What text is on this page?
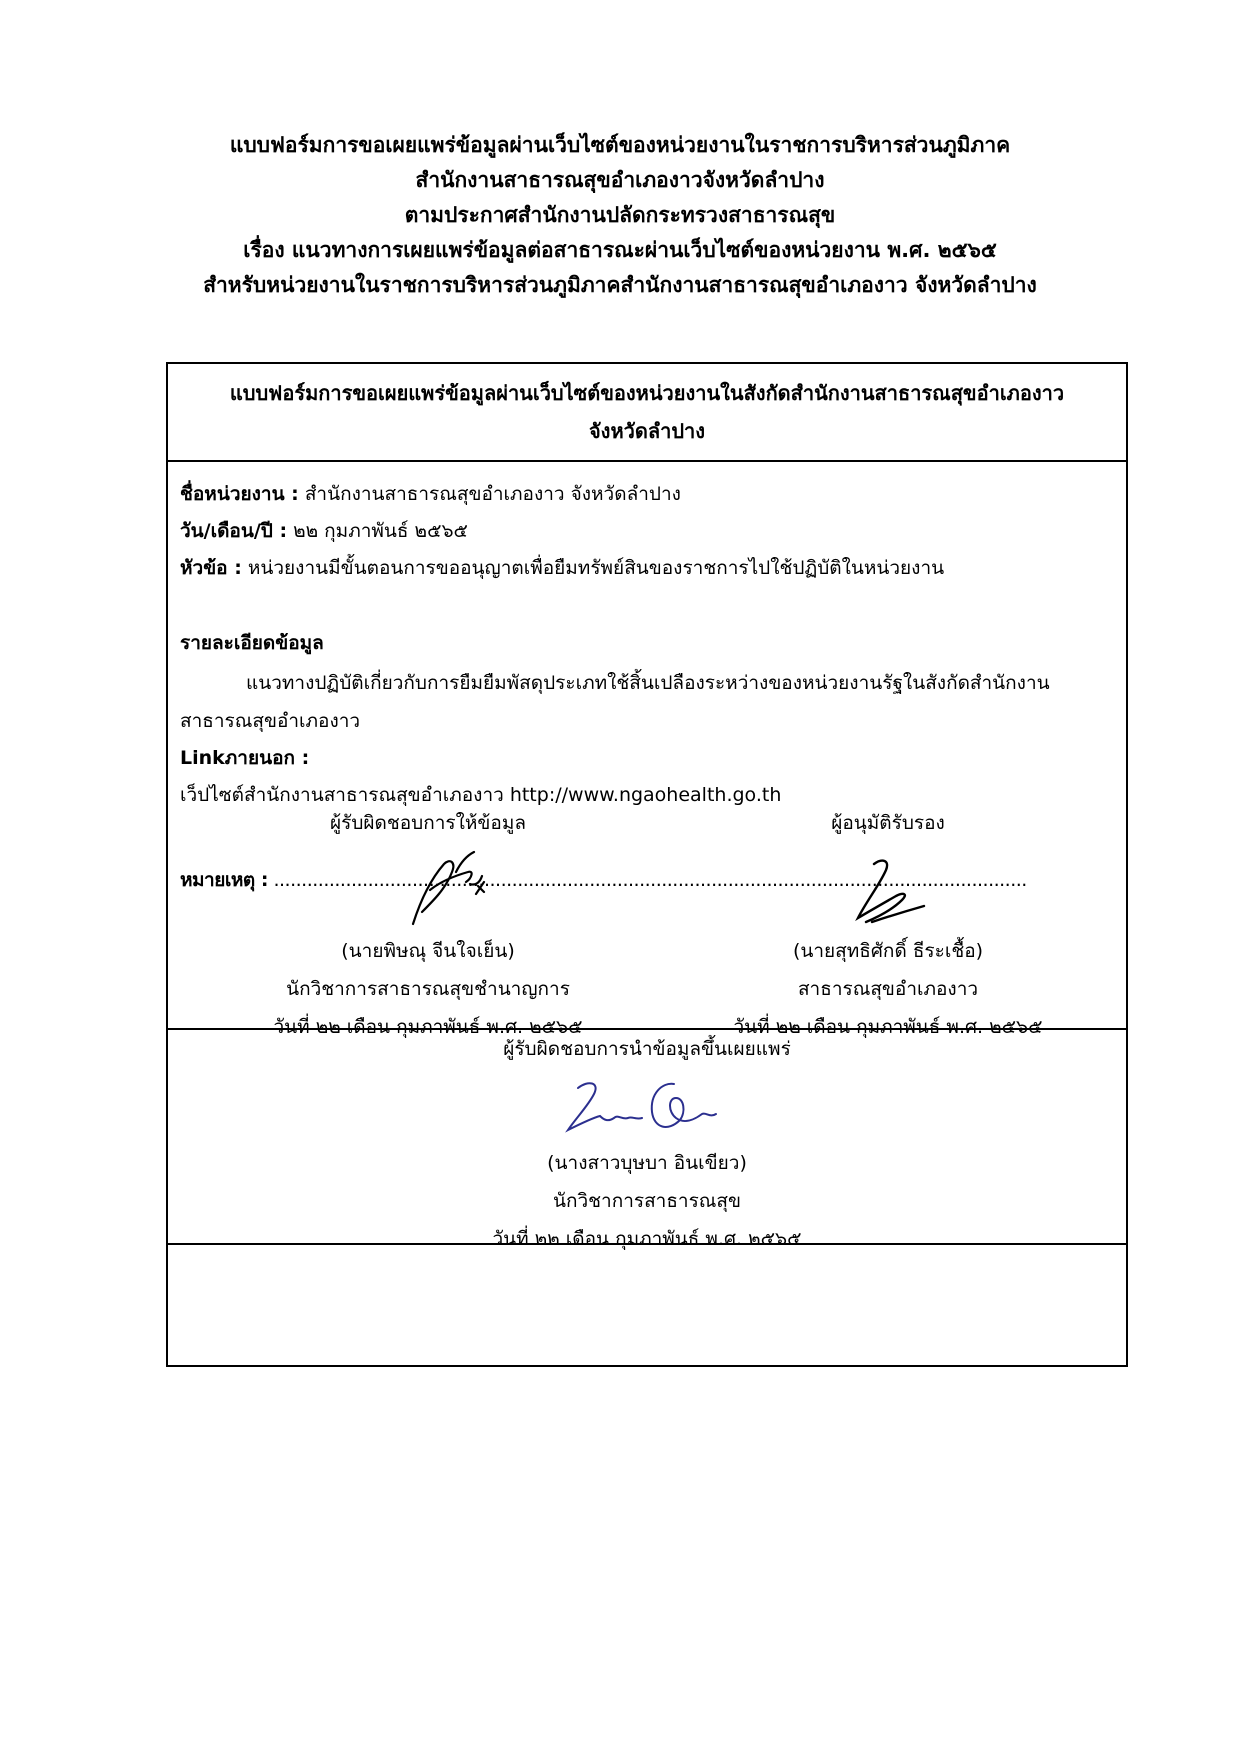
แบบฟอร์มการขอเผยแพร่ข้อมูลผ่านเว็บไซต์ของหน่วยงานในราชการบริหารส่วนภูมิภาค
สำนักงานสาธารณสุขอำเภองาวจังหวัดลำปาง
ตามประกาศสำนักงานปลัดกระทรวงสาธารณสุข
เรื่อง แนวทางการเผยแพร่ข้อมูลต่อสาธารณะผ่านเว็บไซต์ของหน่วยงาน พ.ศ. ๒๕๖๕
สำหรับหน่วยงานในราชการบริหารส่วนภูมิภาคสำนักงานสาธารณสุขอำเภองาว จังหวัดลำปาง
แบบฟอร์มการขอเผยแพร่ข้อมูลผ่านเว็บไซต์ของหน่วยงานในสังกัดสำนักงานสาธารณสุขอำเภองาว
จังหวัดลำปาง
ชื่อหน่วยงาน : สำนักงานสาธารณสุขอำเภองาว จังหวัดลำปาง
วัน/เดือน/ปี : ๒๒ กุมภาพันธ์ ๒๕๖๕
หัวข้อ : หน่วยงานมีขั้นตอนการขออนุญาตเพื่อยืมทรัพย์สินของราชการไปใช้ปฏิบัติในหน่วยงาน
รายละเอียดข้อมูล
แนวทางปฏิบัติเกี่ยวกับการยืมยืมพัสดุประเภทใช้สิ้นเปลืองระหว่างของหน่วยงานรัฐในสังกัดสำนักงาน
สาธารณสุขอำเภองาว
Linkภายนอก :
เว็ปไซต์สำนักงานสาธารณสุขอำเภองาว http://www.ngaohealth.go.th
หมายเหตุ : ........................................................................................................................................
ผู้รับผิดชอบการให้ข้อมูล
(นายพิษณุ จีนใจเย็น)
นักวิชาการสาธารณสุขชำนาญการ
วันที่ ๒๒ เดือน กุมภาพันธ์ พ.ศ. ๒๕๖๕
ผู้อนุมัติรับรอง
(นายสุทธิศักดิ์ ธีระเชื้อ)
สาธารณสุขอำเภองาว
วันที่ ๒๒ เดือน กุมภาพันธ์ พ.ศ. ๒๕๖๕
ผู้รับผิดชอบการนำข้อมูลขึ้นเผยแพร่
(นางสาวบุษบา อินเขียว)
นักวิชาการสาธารณสุข
วันที่ ๒๒ เดือน กุมภาพันธ์ พ.ศ. ๒๕๖๕
